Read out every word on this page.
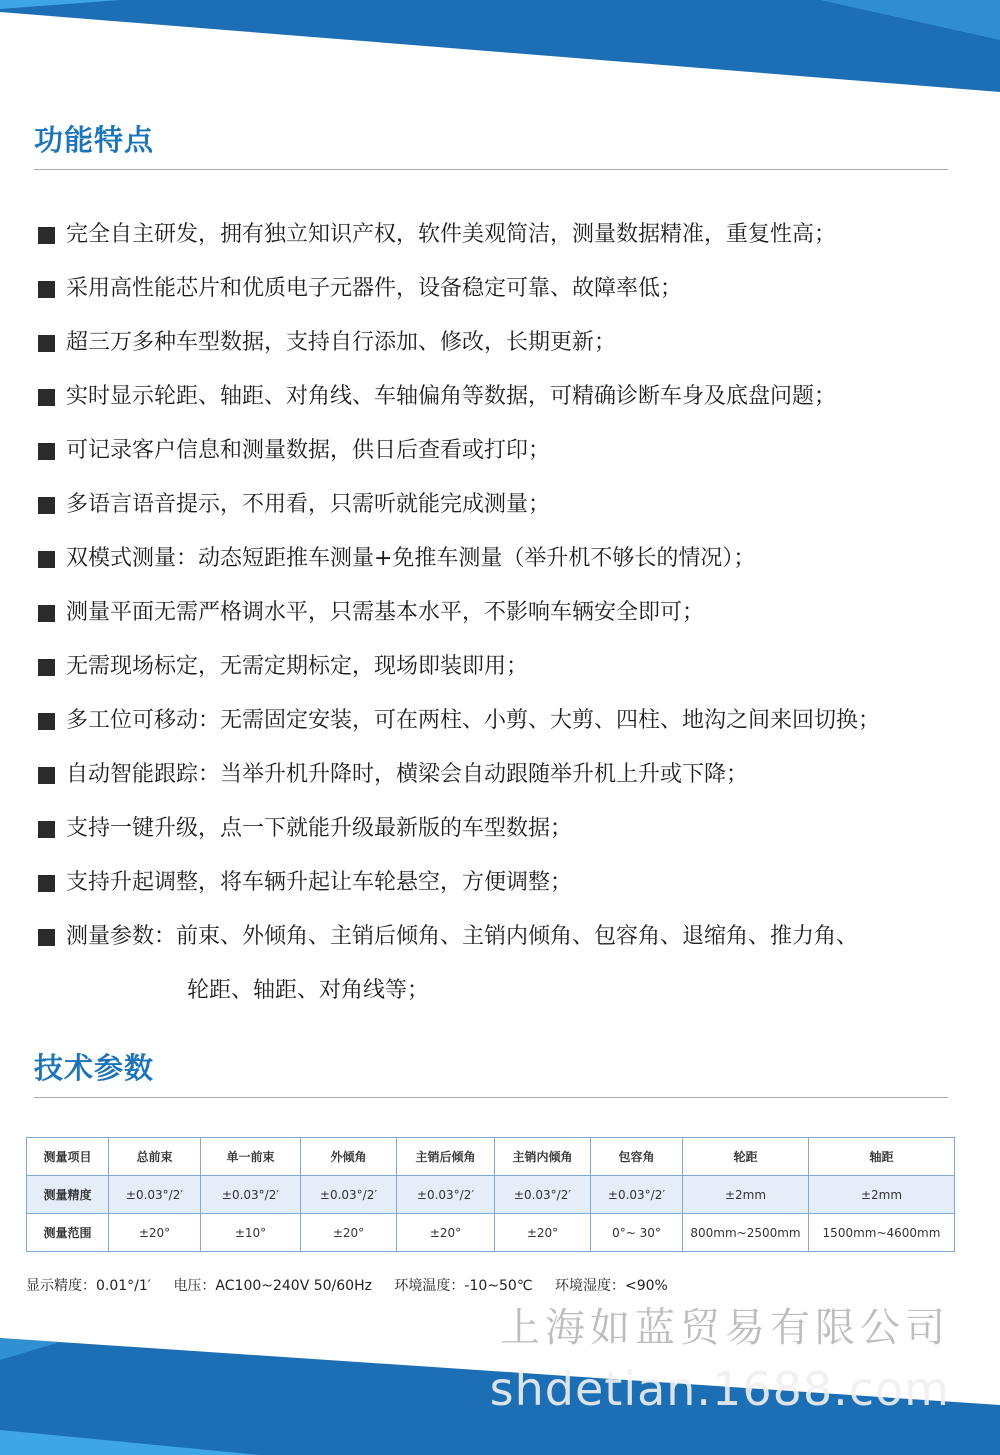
功能特点
完全自主研发，拥有独立知识产权，软件美观简洁，测量数据精准，重复性高；
采用高性能芯片和优质电子元器件，设备稳定可靠、故障率低；
超三万多种车型数据，支持自行添加、修改，长期更新；
实时显示轮距、轴距、对角线、车轴偏角等数据，可精确诊断车身及底盘问题；
可记录客户信息和测量数据，供日后查看或打印；
多语言语音提示，不用看，只需听就能完成测量；
双模式测量：动态短距推车测量+免推车测量（举升机不够长的情况）；
测量平面无需严格调水平，只需基本水平，不影响车辆安全即可；
无需现场标定，无需定期标定，现场即装即用；
多工位可移动：无需固定安装，可在两柱、小剪、大剪、四柱、地沟之间来回切换；
自动智能跟踪：当举升机升降时，横梁会自动跟随举升机上升或下降；
支持一键升级，点一下就能升级最新版的车型数据；
支持升起调整，将车辆升起让车轮悬空，方便调整；
测量参数：前束、外倾角、主销后倾角、主销内倾角、包容角、退缩角、推力角、
轮距、轴距、对角线等；
技术参数
测量项目	总前束	单一前束	外倾角	主销后倾角	主销内倾角	包容角	轮距	轴距
测量精度	±0.03°/2′	±0.03°/2′	±0.03°/2′	±0.03°/2′	±0.03°/2′	±0.03°/2′	±2mm	±2mm
测量范围	±20°	±10°	±20°	±20°	±20°	0°~ 30°	800mm~2500mm	1500mm~4600mm
显示精度：0.01°/1′ 电压：AC100~240V 50/60Hz 环境温度：-10~50℃ 环境湿度：<90%

上海如蓝贸易有限公司

shdetian.1688.com
